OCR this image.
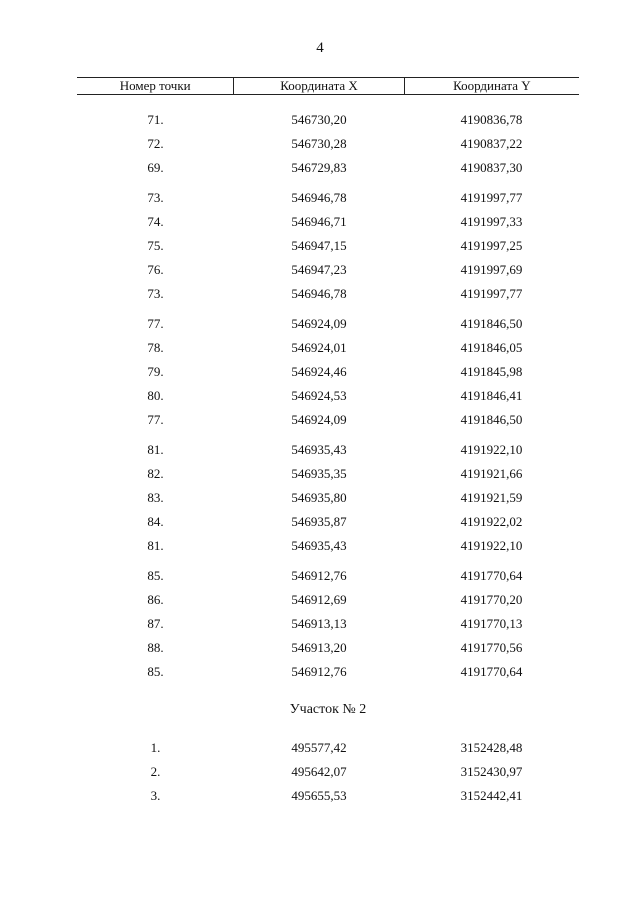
4
Номер точки	Координата X	Координата Y
71.	546730,20	4190836,78
72.	546730,28	4190837,22
69.	546729,83	4190837,30
73.	546946,78	4191997,77
74.	546946,71	4191997,33
75.	546947,15	4191997,25
76.	546947,23	4191997,69
73.	546946,78	4191997,77
77.	546924,09	4191846,50
78.	546924,01	4191846,05
79.	546924,46	4191845,98
80.	546924,53	4191846,41
77.	546924,09	4191846,50
81.	546935,43	4191922,10
82.	546935,35	4191921,66
83.	546935,80	4191921,59
84.	546935,87	4191922,02
81.	546935,43	4191922,10
85.	546912,76	4191770,64
86.	546912,69	4191770,20
87.	546913,13	4191770,13
88.	546913,20	4191770,56
85.	546912,76	4191770,64
Участок № 2
1.	495577,42	3152428,48
2.	495642,07	3152430,97
3.	495655,53	3152442,41
